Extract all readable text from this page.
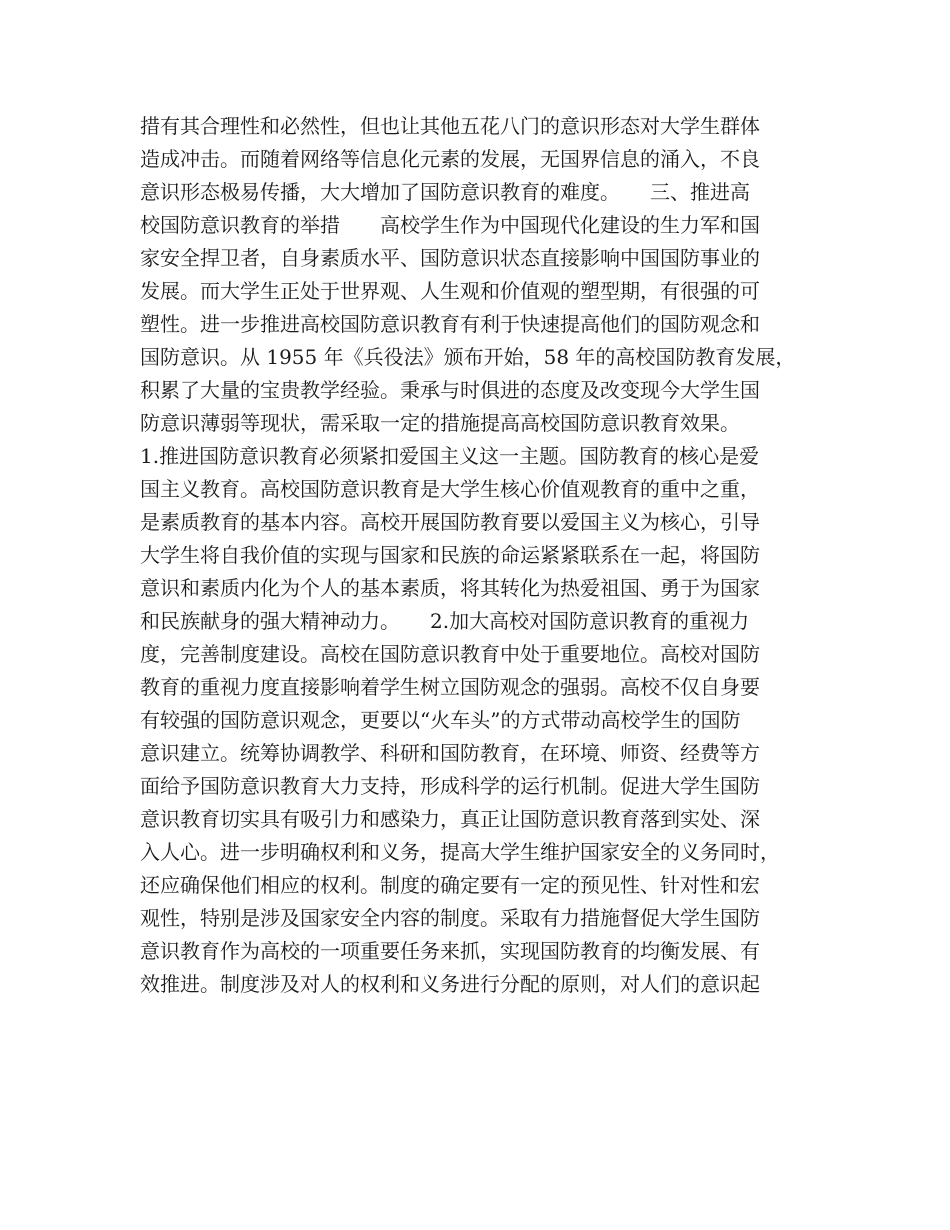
措有其合理性和必然性，但也让其他五花八门的意识形态对大学生群体
造成冲击。而随着网络等信息化元素的发展，无国界信息的涌入，不良
意识形态极易传播，大大增加了国防意识教育的难度。　　三、推进高
校国防意识教育的举措　　高校学生作为中国现代化建设的生力军和国
家安全捍卫者，自身素质水平、国防意识状态直接影响中国国防事业的
发展。而大学生正处于世界观、人生观和价值观的塑型期，有很强的可
塑性。进一步推进高校国防意识教育有利于快速提高他们的国防观念和
国防意识。从 1955 年《兵役法》颁布开始，58 年的高校国防教育发展，
积累了大量的宝贵教学经验。秉承与时俱进的态度及改变现今大学生国
防意识薄弱等现状，需采取一定的措施提高高校国防意识教育效果。
1.推进国防意识教育必须紧扣爱国主义这一主题。国防教育的核心是爱
国主义教育。高校国防意识教育是大学生核心价值观教育的重中之重，
是素质教育的基本内容。高校开展国防教育要以爱国主义为核心，引导
大学生将自我价值的实现与国家和民族的命运紧紧联系在一起，将国防
意识和素质内化为个人的基本素质，将其转化为热爱祖国、勇于为国家
和民族献身的强大精神动力。　　2.加大高校对国防意识教育的重视力
度，完善制度建设。高校在国防意识教育中处于重要地位。高校对国防
教育的重视力度直接影响着学生树立国防观念的强弱。高校不仅自身要
有较强的国防意识观念，更要以“火车头”的方式带动高校学生的国防
意识建立。统筹协调教学、科研和国防教育，在环境、师资、经费等方
面给予国防意识教育大力支持，形成科学的运行机制。促进大学生国防
意识教育切实具有吸引力和感染力，真正让国防意识教育落到实处、深
入人心。进一步明确权利和义务，提高大学生维护国家安全的义务同时，
还应确保他们相应的权利。制度的确定要有一定的预见性、针对性和宏
观性，特别是涉及国家安全内容的制度。采取有力措施督促大学生国防
意识教育作为高校的一项重要任务来抓，实现国防教育的均衡发展、有
效推进。制度涉及对人的权利和义务进行分配的原则，对人们的意识起
